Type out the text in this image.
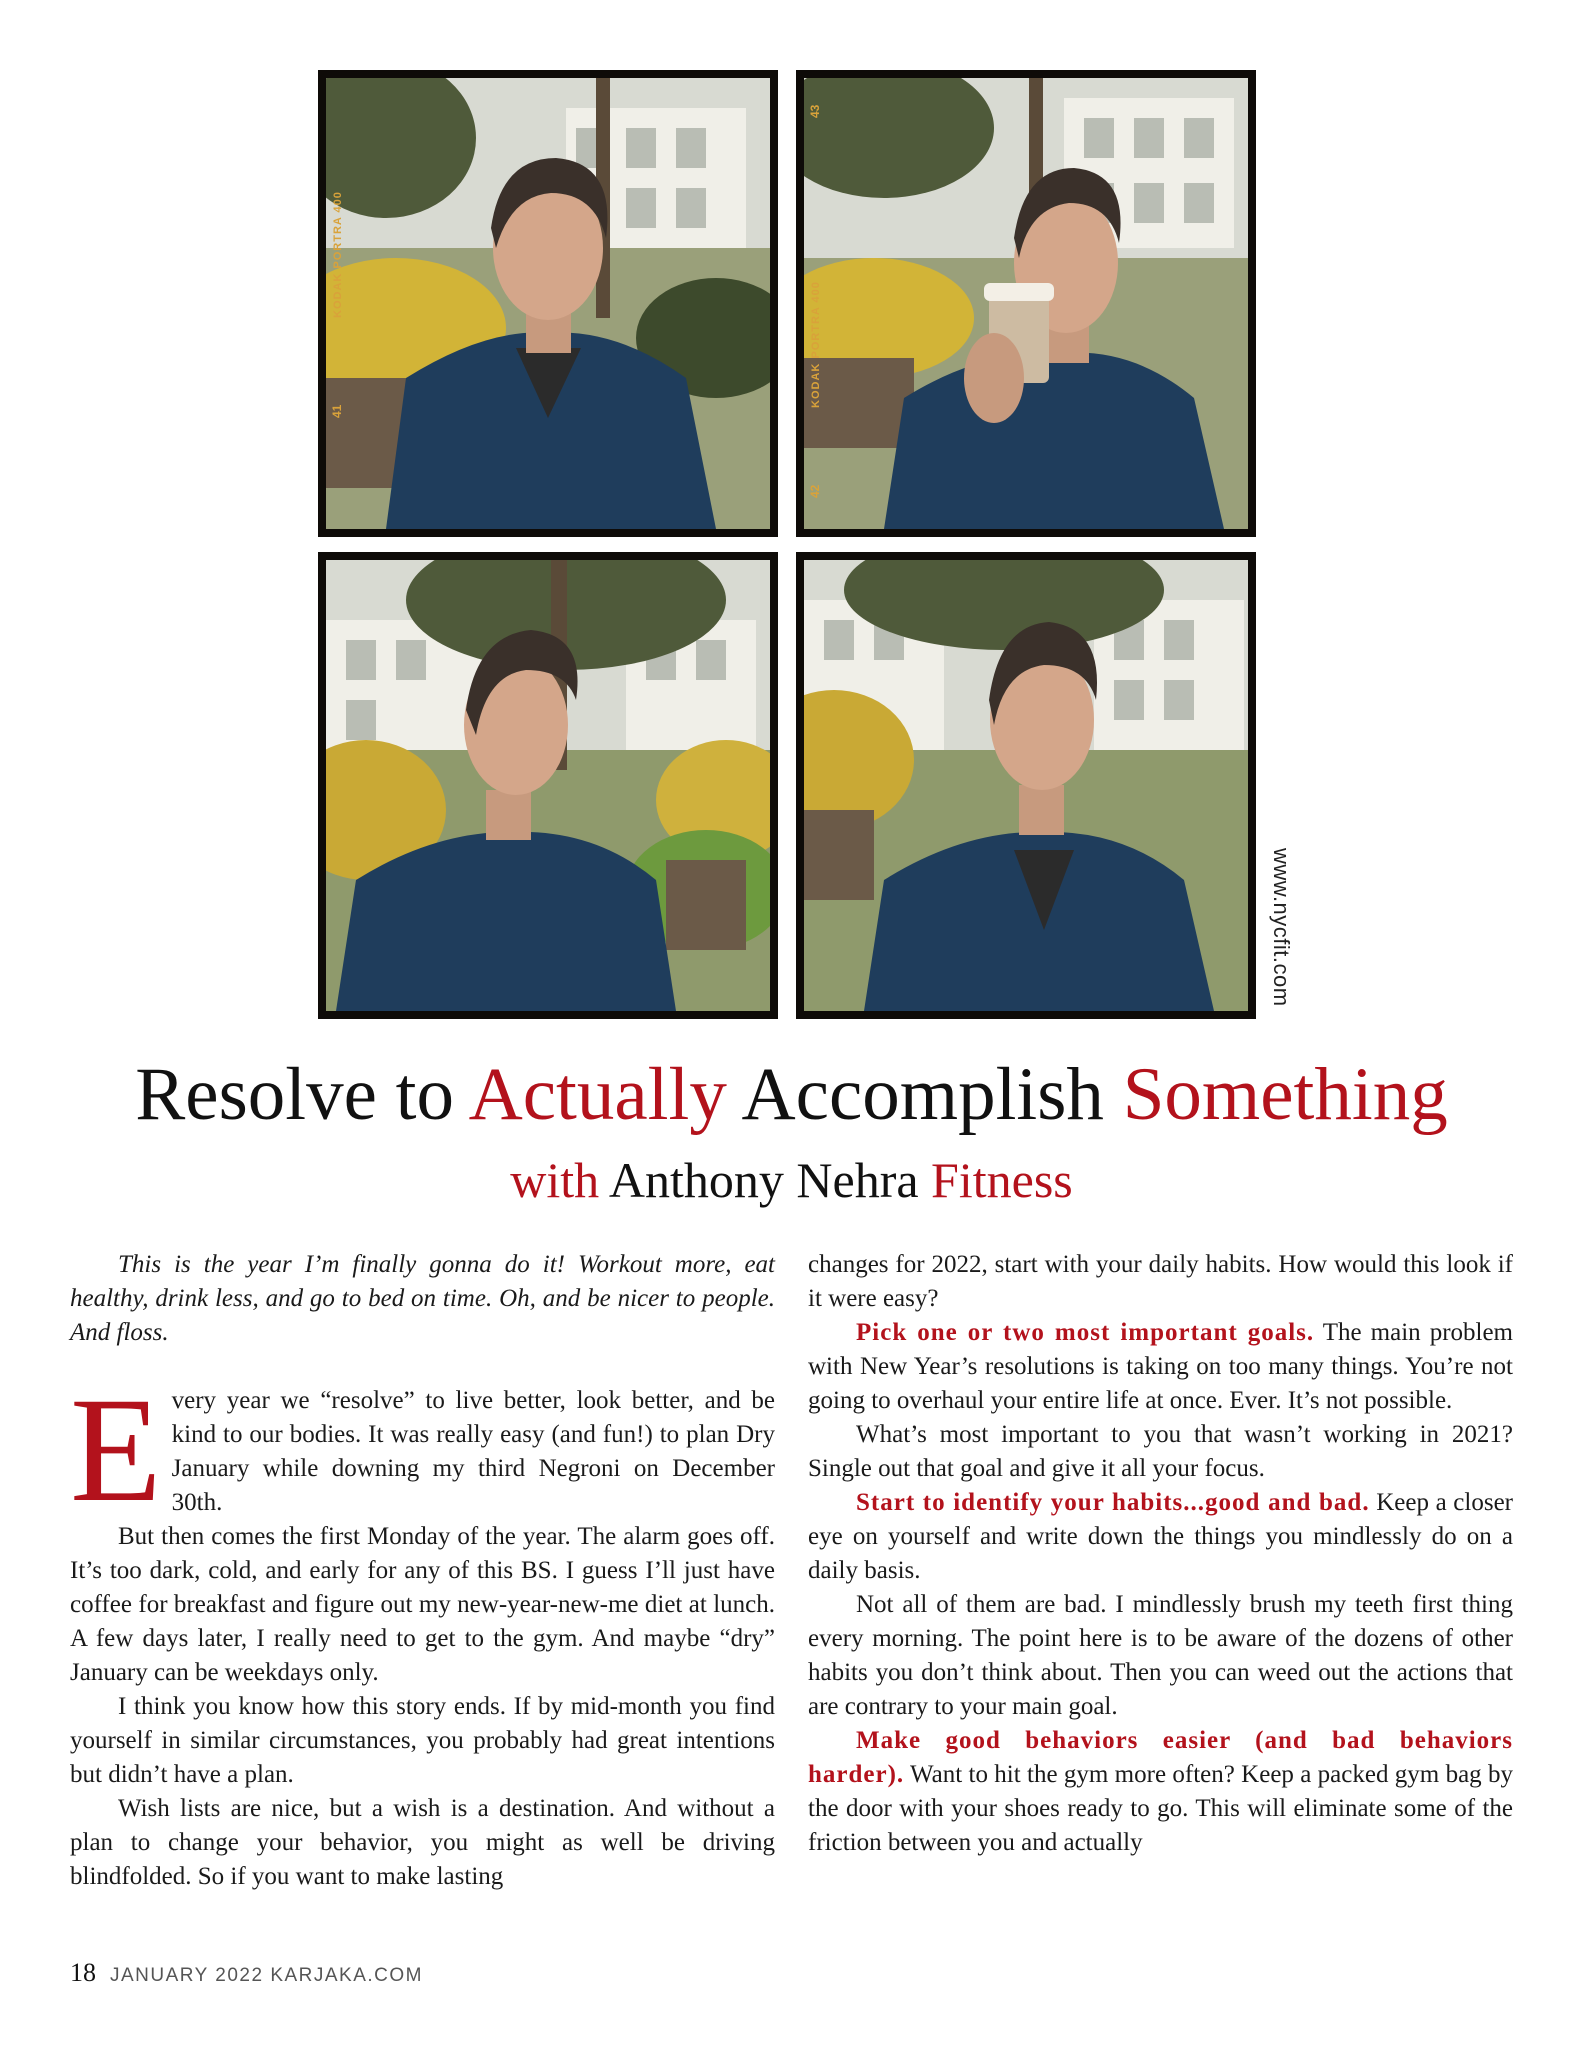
KODAK PORTRA 400
41
43
KODAK PORTRA 400
42
www.nycfit.com
Resolve to Actually Accomplish Something
with Anthony Nehra Fitness

This is the year I’m finally gonna do it! Workout more, eat healthy, drink less, and go to bed on time. Oh, and be nicer to people. And floss.

Every year we “resolve” to live better, look better, and be kind to our bodies. It was really easy (and fun!) to plan Dry January while downing my third Negroni on December 30th.

But then comes the first Monday of the year. The alarm goes off. It’s too dark, cold, and early for any of this BS. I guess I’ll just have coffee for breakfast and figure out my new-year-new-me diet at lunch. A few days later, I really need to get to the gym. And maybe “dry” January can be weekdays only.

I think you know how this story ends. If by mid-month you find yourself in similar circumstances, you probably had great intentions but didn’t have a plan.

Wish lists are nice, but a wish is a destination. And without a plan to change your behavior, you might as well be driving blindfolded. So if you want to make lasting

changes for 2022, start with your daily habits. How would this look if it were easy?

Pick one or two most important goals. The main problem with New Year’s resolutions is taking on too many things. You’re not going to overhaul your entire life at once. Ever. It’s not possible.

What’s most important to you that wasn’t working in 2021? Single out that goal and give it all your focus.

Start to identify your habits...good and bad. Keep a closer eye on yourself and write down the things you mindlessly do on a daily basis.

Not all of them are bad. I mindlessly brush my teeth first thing every morning. The point here is to be aware of the dozens of other habits you don’t think about. Then you can weed out the actions that are contrary to your main goal.

Make good behaviors easier (and bad behaviors harder). Want to hit the gym more often? Keep a packed gym bag by the door with your shoes ready to go. This will eliminate some of the friction between you and actually

18 JANUARY 2022 KARJAKA.COM
